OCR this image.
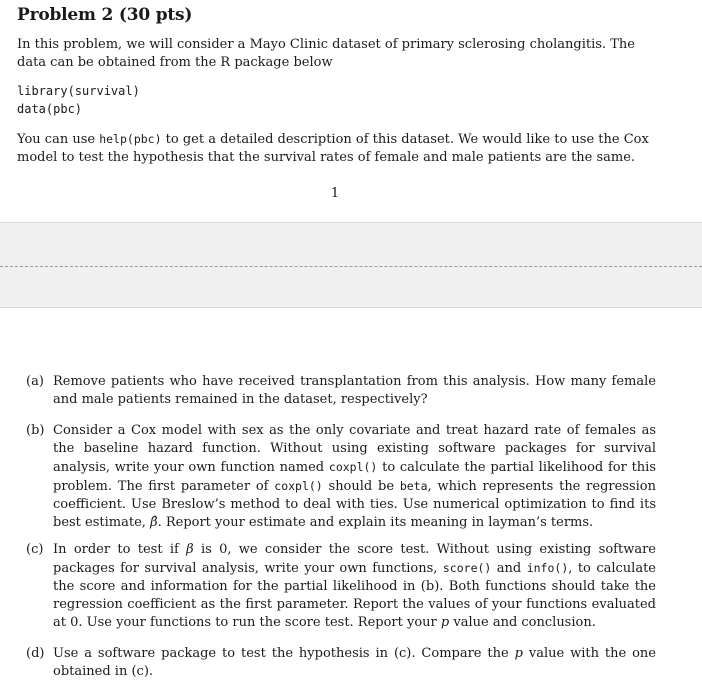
Problem 2 (30 pts)

In this problem, we will consider a Mayo Clinic dataset of primary sclerosing cholangitis. The data can be obtained from the R package below

library(survival)
data(pbc)

You can use help(pbc) to get a detailed description of this dataset. We would like to use the Cox model to test the hypothesis that the survival rates of female and male patients are the same.

1
(a) Remove patients who have received transplantation from this analysis. How many female and male patients remained in the dataset, respectively?
(b) Consider a Cox model with sex as the only covariate and treat hazard rate of females as the baseline hazard function. Without using existing software packages for survival analysis, write your own function named coxpl() to calculate the partial likelihood for this problem. The first parameter of coxpl() should be beta, which represents the regression coefficient. Use Breslow’s method to deal with ties. Use numerical optimization to find its best estimate, β̂. Report your estimate and explain its meaning in layman’s terms.
(c) In order to test if β is 0, we consider the score test. Without using existing software packages for survival analysis, write your own functions, score() and info(), to calculate the score and information for the partial likelihood in (b). Both functions should take the regression coefficient as the first parameter. Report the values of your functions evaluated at 0. Use your functions to run the score test. Report your p value and conclusion.
(d) Use a software package to test the hypothesis in (c). Compare the p value with the one obtained in (c).
